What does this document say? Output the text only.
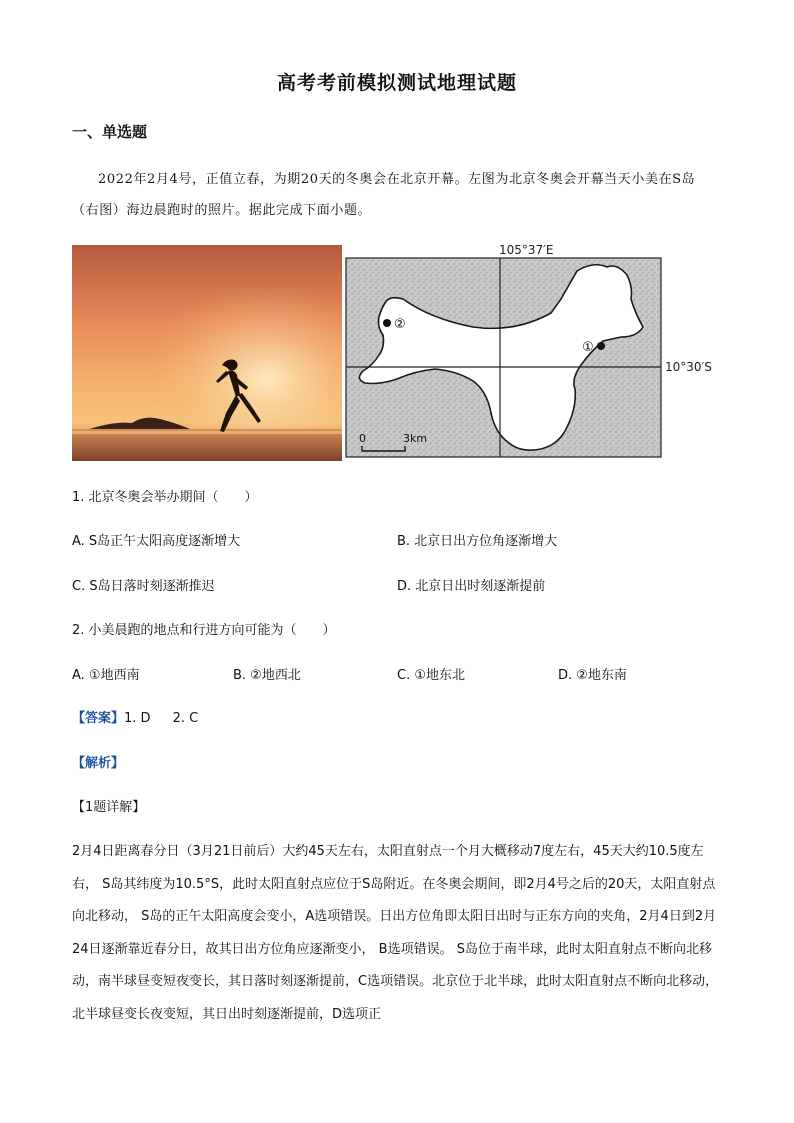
高考考前模拟测试地理试题
一、单选题
2022年2月4号，正值立春，为期20天的冬奥会在北京开幕。左图为北京冬奥会开幕当天小美在S岛（右图）海边晨跑时的照片。据此完成下面小题。
105°37′E
10°30′S
②
①
0	3km
1. 北京冬奥会举办期间（　　）
A. S岛正午太阳高度逐渐增大	B. 北京日出方位角逐渐增大
C. S岛日落时刻逐渐推迟	D. 北京日出时刻逐渐提前
2. 小美晨跑的地点和行进方向可能为（　　）
A. ①地西南	B. ②地西北	C. ①地东北	D. ②地东南
【答案】1. D 2. C
【解析】
【1题详解】
2月4日距离春分日（3月21日前后）大约45天左右，太阳直射点一个月大概移动7度左右，45天大约10.5度左右， S岛其纬度为10.5°S，此时太阳直射点应位于S岛附近。在冬奥会期间，即2月4号之后的20天，太阳直射点向北移动， S岛的正午太阳高度会变小，A选项错误。日出方位角即太阳日出时与正东方向的夹角，2月4日到2月24日逐渐靠近春分日，故其日出方位角应逐渐变小， B选项错误。 S岛位于南半球，此时太阳直射点不断向北移动，南半球昼变短夜变长，其日落时刻逐渐提前，C选项错误。北京位于北半球，此时太阳直射点不断向北移动，北半球昼变长夜变短，其日出时刻逐渐提前，D选项正
